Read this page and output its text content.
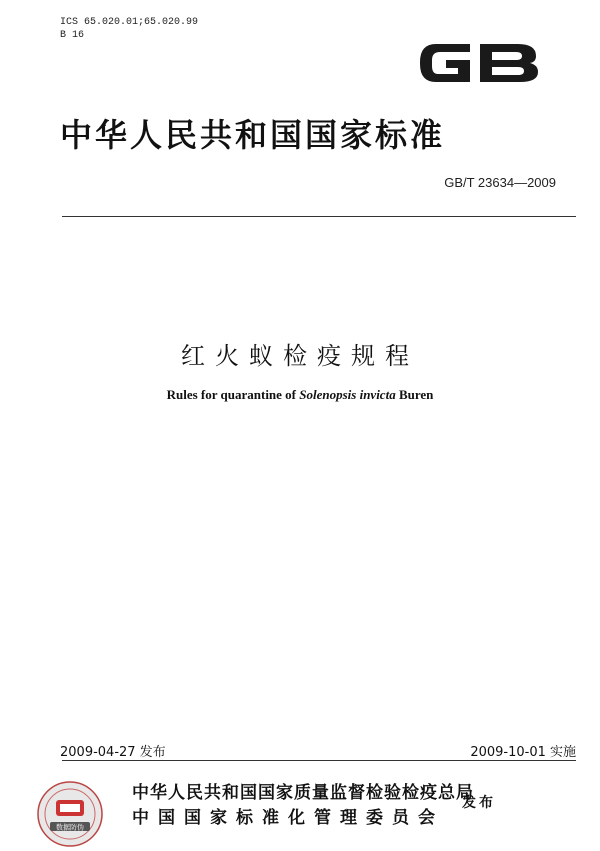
ICS 65.020.01;65.020.99
B 16
中华人民共和国国家标准
GB/T 23634—2009
红火蚁检疫规程
Rules for quarantine of Solenopsis invicta Buren
2009-04-27 发布	2009-10-01 实施
数据防伪
中华人民共和国国家质量监督检验检疫总局
中国国家标准化管理委员会
发布
